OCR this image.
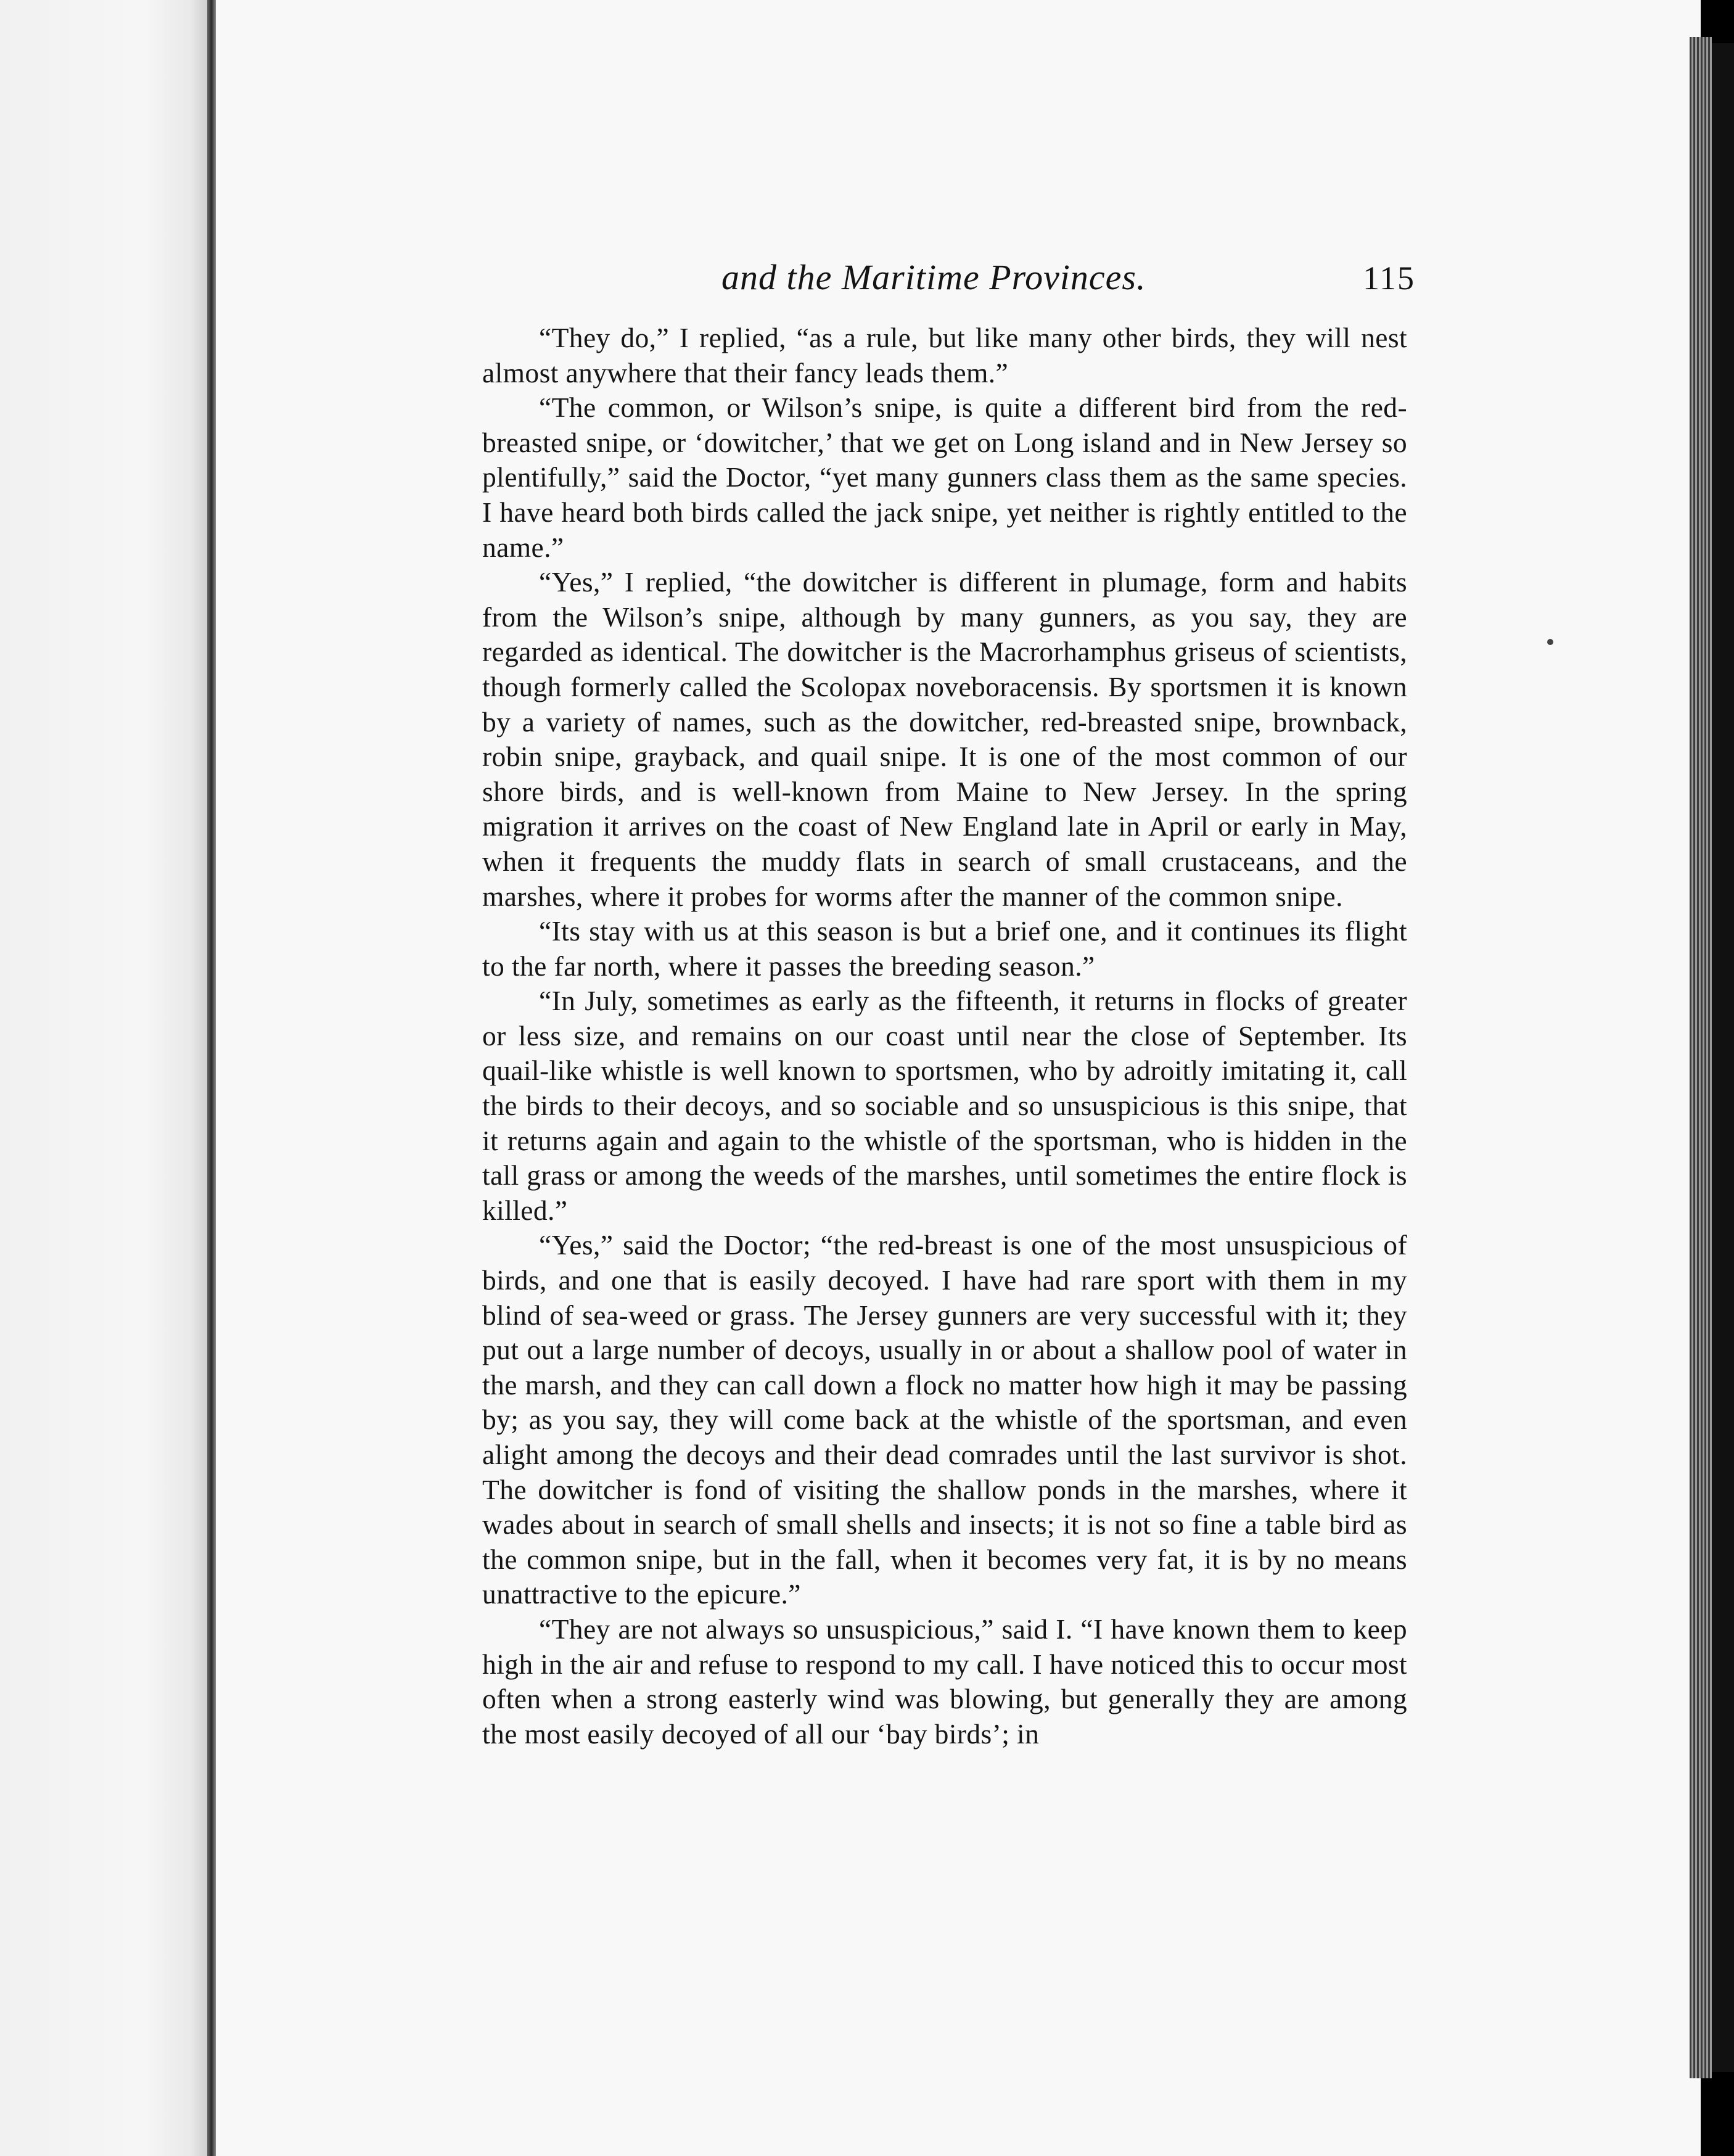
and the Maritime Provinces.	115

“They do,” I replied, “as a rule, but like many other birds, they will nest almost anywhere that their fancy leads them.”

“The common, or Wilson’s snipe, is quite a different bird from the red-breasted snipe, or ‘dowitcher,’ that we get on Long island and in New Jersey so plentifully,” said the Doctor, “yet many gunners class them as the same species. I have heard both birds called the jack snipe, yet neither is rightly entitled to the name.”

“Yes,” I replied, “the dowitcher is different in plumage, form and habits from the Wilson’s snipe, although by many gunners, as you say, they are regarded as identical. The dowitcher is the Macrorhamphus griseus of scientists, though formerly called the Scolopax noveboracensis. By sportsmen it is known by a variety of names, such as the dowitcher, red-breasted snipe, brownback, robin snipe, grayback, and quail snipe. It is one of the most common of our shore birds, and is well-known from Maine to New Jersey. In the spring migration it arrives on the coast of New England late in April or early in May, when it frequents the muddy flats in search of small crustaceans, and the marshes, where it probes for worms after the manner of the common snipe.

“Its stay with us at this season is but a brief one, and it continues its flight to the far north, where it passes the breeding season.”

“In July, sometimes as early as the fifteenth, it returns in flocks of greater or less size, and remains on our coast until near the close of September. Its quail-like whistle is well known to sportsmen, who by adroitly imitating it, call the birds to their decoys, and so sociable and so unsuspicious is this snipe, that it returns again and again to the whistle of the sportsman, who is hidden in the tall grass or among the weeds of the marshes, until sometimes the entire flock is killed.”

“Yes,” said the Doctor; “the red-breast is one of the most unsuspicious of birds, and one that is easily decoyed. I have had rare sport with them in my blind of sea-weed or grass. The Jersey gunners are very successful with it; they put out a large number of decoys, usually in or about a shallow pool of water in the marsh, and they can call down a flock no matter how high it may be passing by; as you say, they will come back at the whistle of the sportsman, and even alight among the decoys and their dead comrades until the last survivor is shot. The dowitcher is fond of visiting the shallow ponds in the marshes, where it wades about in search of small shells and insects; it is not so fine a table bird as the common snipe, but in the fall, when it becomes very fat, it is by no means unattractive to the epicure.”

“They are not always so unsuspicious,” said I. “I have known them to keep high in the air and refuse to respond to my call. I have noticed this to occur most often when a strong easterly wind was blowing, but generally they are among the most easily decoyed of all our ‘bay birds’; in
